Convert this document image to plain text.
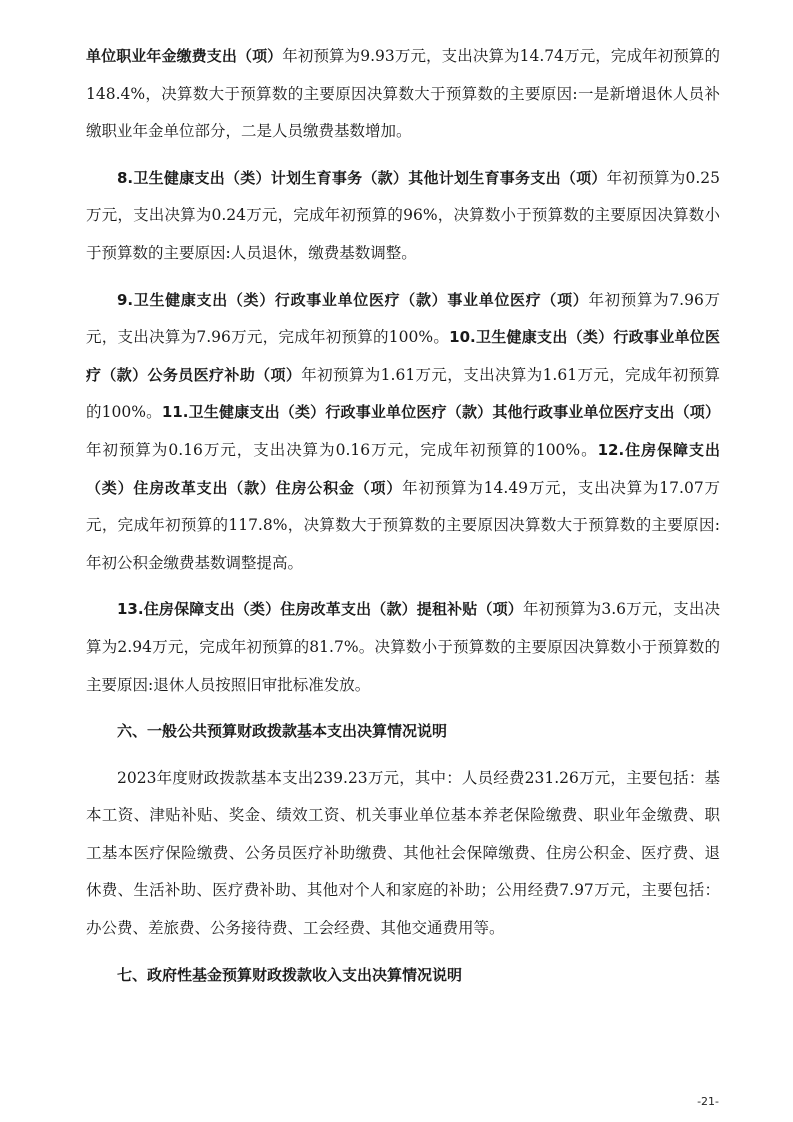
单位职业年金缴费支出（项）年初预算为9.93万元，支出决算为14.74万元，完成年初预算的148.4%，决算数大于预算数的主要原因决算数大于预算数的主要原因:一是新增退休人员补缴职业年金单位部分，二是人员缴费基数增加。

8.卫生健康支出（类）计划生育事务（款）其他计划生育事务支出（项）年初预算为0.25万元，支出决算为0.24万元，完成年初预算的96%，决算数小于预算数的主要原因决算数小于预算数的主要原因:人员退休，缴费基数调整。

9.卫生健康支出（类）行政事业单位医疗（款）事业单位医疗（项）年初预算为7.96万元，支出决算为7.96万元，完成年初预算的100%。10.卫生健康支出（类）行政事业单位医疗（款）公务员医疗补助（项）年初预算为1.61万元，支出决算为1.61万元，完成年初预算的100%。11.卫生健康支出（类）行政事业单位医疗（款）其他行政事业单位医疗支出（项）年初预算为0.16万元，支出决算为0.16万元，完成年初预算的100%。12.住房保障支出（类）住房改革支出（款）住房公积金（项）年初预算为14.49万元，支出决算为17.07万元，完成年初预算的117.8%，决算数大于预算数的主要原因决算数大于预算数的主要原因:年初公积金缴费基数调整提高。

13.住房保障支出（类）住房改革支出（款）提租补贴（项）年初预算为3.6万元，支出决算为2.94万元，完成年初预算的81.7%。决算数小于预算数的主要原因决算数小于预算数的主要原因:退休人员按照旧审批标准发放。

六、一般公共预算财政拨款基本支出决算情况说明

2023年度财政拨款基本支出239.23万元，其中：人员经费231.26万元，主要包括：基本工资、津贴补贴、奖金、绩效工资、机关事业单位基本养老保险缴费、职业年金缴费、职工基本医疗保险缴费、公务员医疗补助缴费、其他社会保障缴费、住房公积金、医疗费、退休费、生活补助、医疗费补助、其他对个人和家庭的补助；公用经费7.97万元，主要包括：办公费、差旅费、公务接待费、工会经费、其他交通费用等。

七、政府性基金预算财政拨款收入支出决算情况说明

-21-
